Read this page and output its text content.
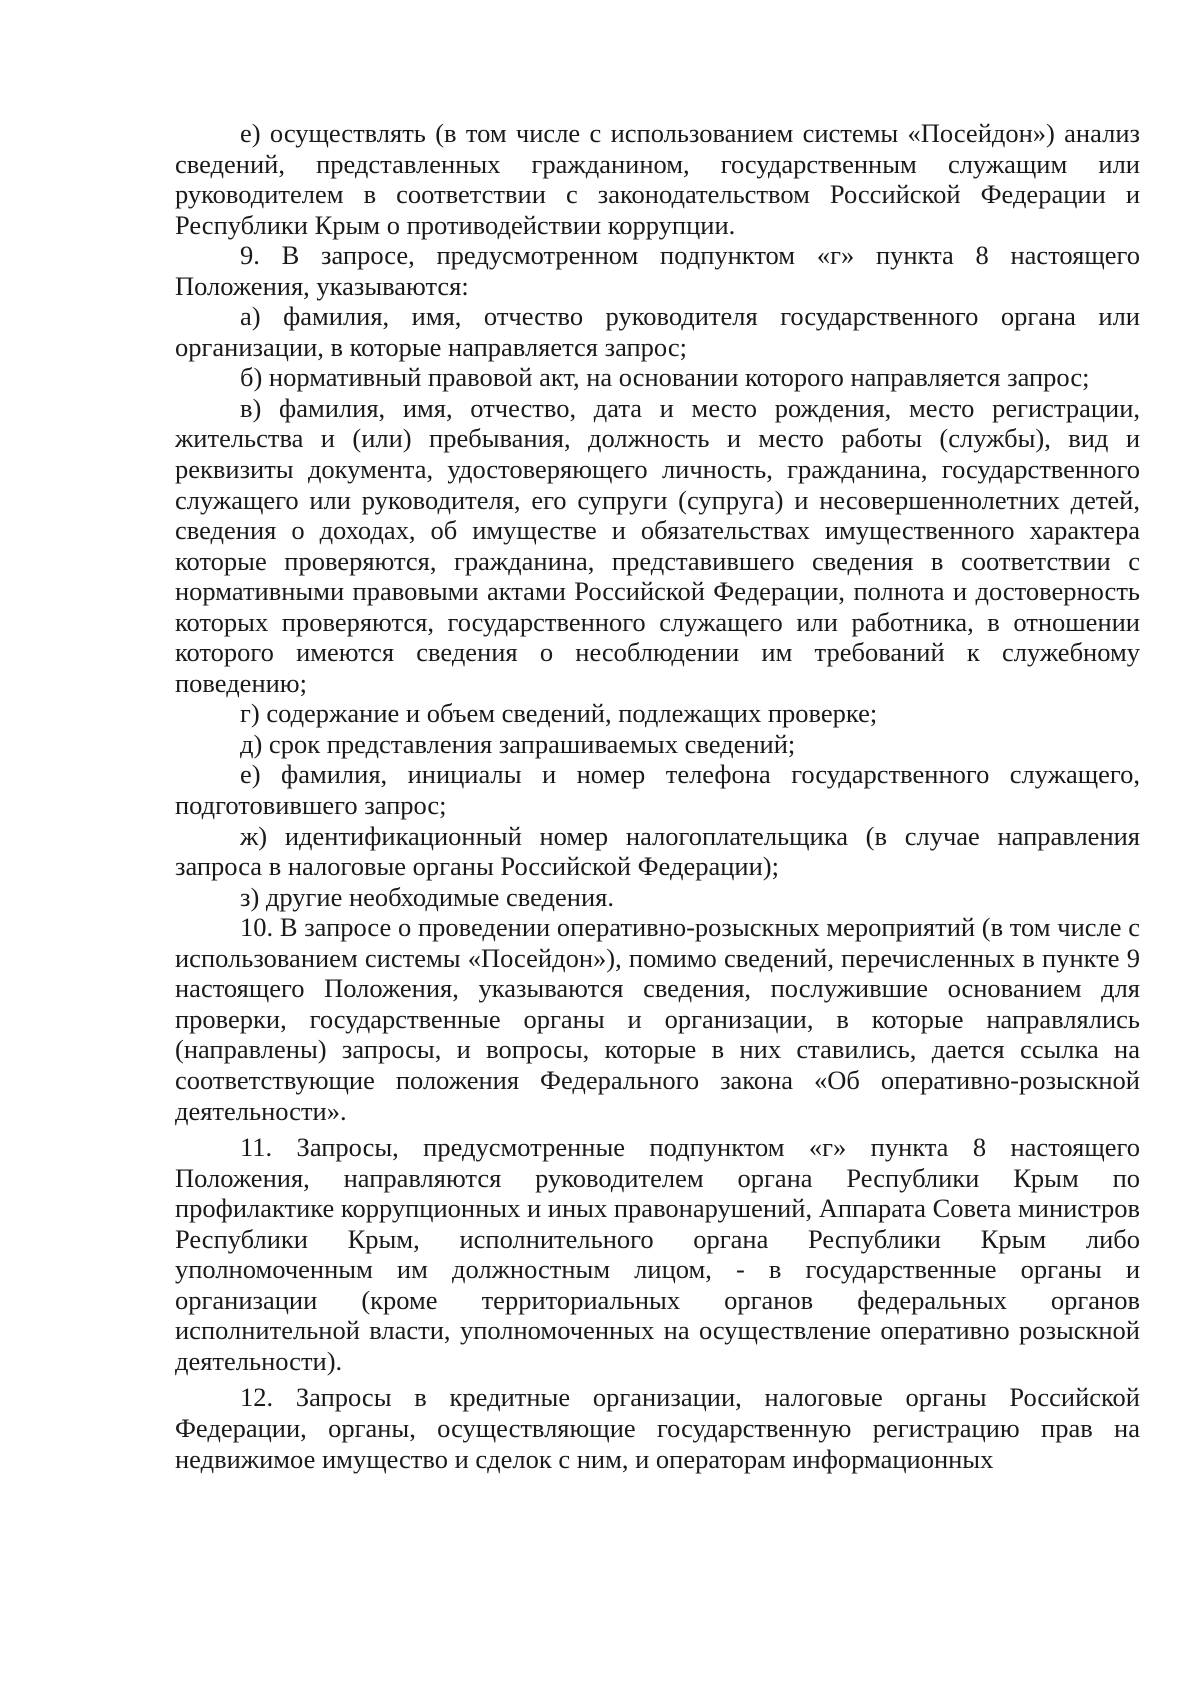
е) осуществлять (в том числе с использованием системы «Посейдон») анализ сведений, представленных гражданином, государственным служащим или руководителем в соответствии с законодательством Российской Федерации и Республики Крым о противодействии коррупции.

9. В запросе, предусмотренном подпунктом «г» пункта 8 настоящего Положения, указываются:

а) фамилия, имя, отчество руководителя государственного органа или организации, в которые направляется запрос;

б) нормативный правовой акт, на основании которого направляется запрос;

в) фамилия, имя, отчество, дата и место рождения, место регистрации, жительства и (или) пребывания, должность и место работы (службы), вид и реквизиты документа, удостоверяющего личность, гражданина, государственного служащего или руководителя, его супруги (супруга) и несовершеннолетних детей, сведения о доходах, об имуществе и обязательствах имущественного характера которые проверяются, гражданина, представившего сведения в соответствии с нормативными правовыми актами Российской Федерации, полнота и достоверность которых проверяются, государственного служащего или работника, в отношении которого имеются сведения о несоблюдении им требований к служебному поведению;

г) содержание и объем сведений, подлежащих проверке;

д) срок представления запрашиваемых сведений;

е) фамилия, инициалы и номер телефона государственного служащего, подготовившего запрос;

ж) идентификационный номер налогоплательщика (в случае направления запроса в налоговые органы Российской Федерации);

з) другие необходимые сведения.

10. В запросе о проведении оперативно-розыскных мероприятий (в том числе с использованием системы «Посейдон»), помимо сведений, перечисленных в пункте 9 настоящего Положения, указываются сведения, послужившие основанием для проверки, государственные органы и организации, в которые направлялись (направлены) запросы, и вопросы, которые в них ставились, дается ссылка на соответствующие положения Федерального закона «Об оперативно-розыскной деятельности».

11. Запросы, предусмотренные подпунктом «г» пункта 8 настоящего Положения, направляются руководителем органа Республики Крым по профилактике коррупционных и иных правонарушений, Аппарата Совета министров Республики Крым, исполнительного органа Республики Крым либо уполномоченным им должностным лицом, - в государственные органы и организации (кроме территориальных органов федеральных органов исполнительной власти, уполномоченных на осуществление оперативно розыскной деятельности).

12. Запросы в кредитные организации, налоговые органы Российской Федерации, органы, осуществляющие государственную регистрацию прав на недвижимое имущество и сделок с ним, и операторам информационных
